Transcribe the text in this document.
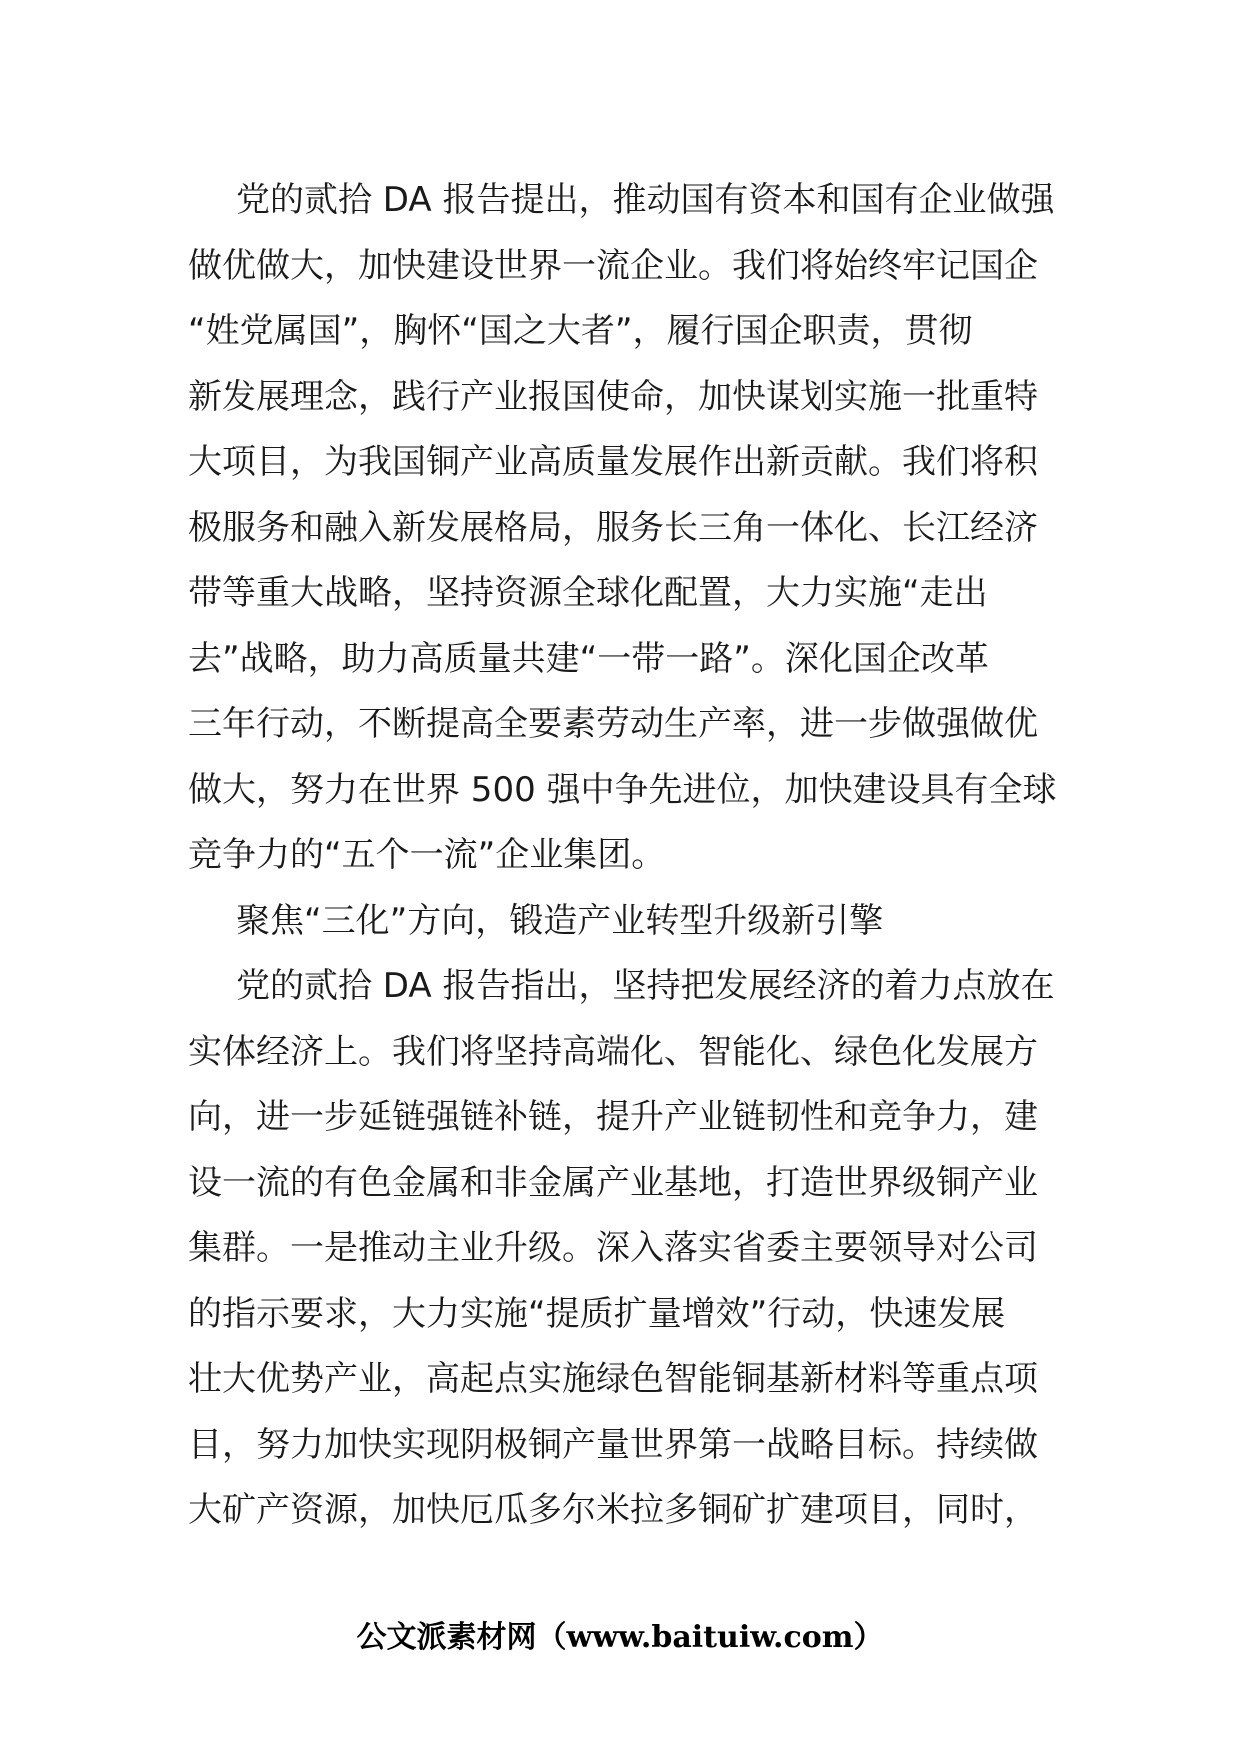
党的贰拾 DA 报告提出，推动国有资本和国有企业做强
做优做大，加快建设世界一流企业。我们将始终牢记国企
“姓党属国”，胸怀“国之大者”，履行国企职责，贯彻
新发展理念，践行产业报国使命，加快谋划实施一批重特
大项目，为我国铜产业高质量发展作出新贡献。我们将积
极服务和融入新发展格局，服务长三角一体化、长江经济
带等重大战略，坚持资源全球化配置，大力实施“走出
去”战略，助力高质量共建“一带一路”。深化国企改革
三年行动，不断提高全要素劳动生产率，进一步做强做优
做大，努力在世界 500 强中争先进位，加快建设具有全球
竞争力的“五个一流”企业集团。
聚焦“三化”方向，锻造产业转型升级新引擎
党的贰拾 DA 报告指出，坚持把发展经济的着力点放在
实体经济上。我们将坚持高端化、智能化、绿色化发展方
向，进一步延链强链补链，提升产业链韧性和竞争力，建
设一流的有色金属和非金属产业基地，打造世界级铜产业
集群。一是推动主业升级。深入落实省委主要领导对公司
的指示要求，大力实施“提质扩量增效”行动，快速发展
壮大优势产业，高起点实施绿色智能铜基新材料等重点项
目，努力加快实现阴极铜产量世界第一战略目标。持续做
大矿产资源，加快厄瓜多尔米拉多铜矿扩建项目，同时，
公文派素材网（www.baituiw.com）
